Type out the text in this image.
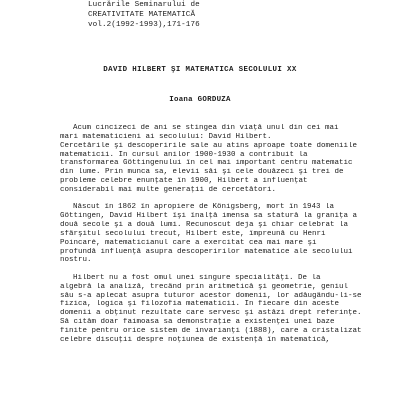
Lucrările Seminarului de
CREATIVITATE MATEMATICĂ
vol.2(1992-1993),171-176
DAVID HILBERT ŞI MATEMATICA SECOLULUI XX
Ioana GORDUZA
Acum cincizeci de ani se stingea din viaţă unul din cei mai
mari matematicieni ai secolului: David Hilbert.
Cercetările şi descoperirile sale au atins aproape toate domeniile
matematicii. În cursul anilor 1900-1930 a contribuit la
transformarea Göttingenului în cel mai important centru matematic
din lume. Prin munca sa, elevii săi şi cele douăzeci şi trei de
probleme celebre enunţate în 1900, Hilbert a influenţat
considerabil mai multe generaţii de cercetători.
Născut în 1862 în apropiere de Königsberg, mort în 1943 la
Göttingen, David Hilbert îşi înalţă imensa sa statură la graniţa a
două secole şi a două lumi. Recunoscut deja şi chiar celebrat la
sfârşitul secolului trecut, Hilbert este, împreună cu Henri
Poincaré, matematicianul care a exercitat cea mai mare şi
profundă influenţă asupra descoperirilor matematice ale secolului
nostru.
Hilbert nu a fost omul unei singure specialităţi. De la
algebră la analiză, trecând prin aritmetică şi geometrie, geniul
său s-a aplecat asupra tuturor acestor domenii, lor adăugându-li-se
fizica, logica şi filozofia matematicii. În fiecare din aceste
domenii a obţinut rezultate care servesc şi astăzi drept referinţe.
Să cităm doar faimoasa sa demonstraţie a existenţei unei baze
finite pentru orice sistem de invarianţi (1888), care a cristalizat
celebre discuţii despre noţiunea de existenţă în matematică,
